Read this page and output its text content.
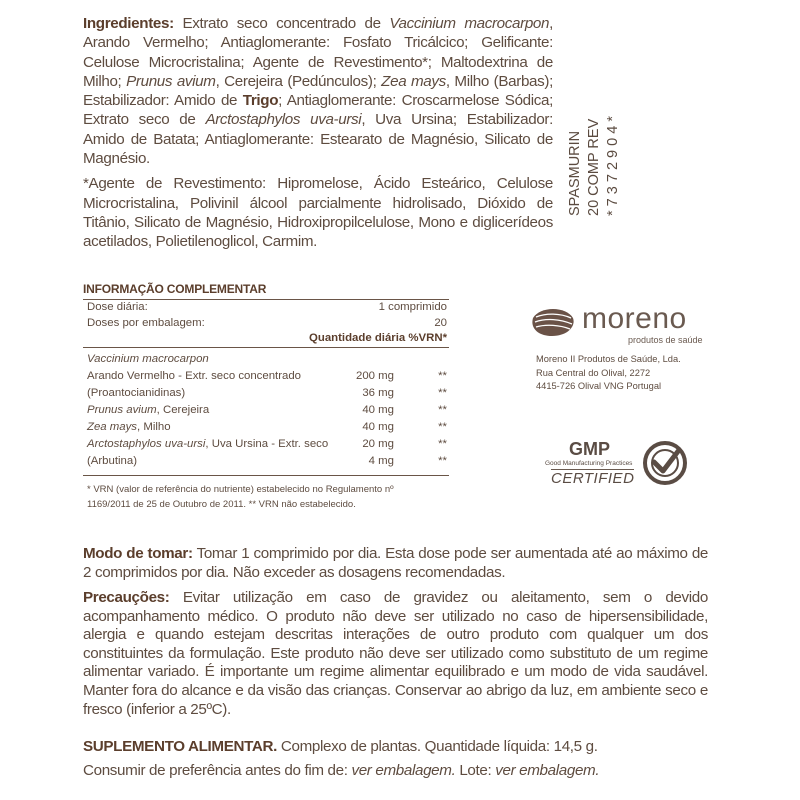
Ingredientes: Extrato seco concentrado de Vaccinium macrocarpon, Arando Vermelho; Antiaglomerante: Fosfato Tricálcico; Gelificante: Celulose Microcristalina; Agente de Revestimento*; Maltodextrina de Milho; Prunus avium, Cerejeira (Pedúnculos); Zea mays, Milho (Barbas); Estabilizador: Amido de Trigo; Antiaglomerante: Croscarmelose Sódica; Extrato seco de Arctostaphylos uva-ursi, Uva Ursina; Estabilizador: Amido de Batata; Antiaglomerante: Estearato de Magnésio, Silicato de Magnésio.

*Agente de Revestimento: Hipromelose, Ácido Esteárico, Celulose Microcristalina, Polivinil álcool parcialmente hidrolisado, Dióxido de Titânio, Silicato de Magnésio, Hidroxipropilcelulose, Mono e diglicerídeos acetilados, Polietilenoglicol, Carmim.

SPASMURIN 20 COMP REV * 7 3 7 2 9 0 4 *
INFORMAÇÃO COMPLEMENTAR
Dose diária:	1 comprimido
Doses por embalagem:	20
Quantidade diária %VRN*
Vaccinium macrocarpon
Arando Vermelho - Extr. seco concentrado	200 mg	**
(Proantocianidinas)	36 mg	**
Prunus avium, Cerejeira	40 mg	**
Zea mays, Milho	40 mg	**
Arctostaphylos uva-ursi, Uva Ursina - Extr. seco	20 mg	**
(Arbutina)	4 mg	**
* VRN (valor de referência do nutriente) estabelecido no Regulamento nº
1169/2011 de 25 de Outubro de 2011. ** VRN não estabelecido.
moreno
produtos de saúde
Moreno II Produtos de Saúde, Lda.
Rua Central do Olival, 2272
4415-726 Olival VNG Portugal
GMP
Good Manufacturing Practices
CERTIFIED

Modo de tomar: Tomar 1 comprimido por dia. Esta dose pode ser aumentada até ao máximo de 2 comprimidos por dia. Não exceder as dosagens recomendadas.

Precauções: Evitar utilização em caso de gravidez ou aleitamento, sem o devido acompanhamento médico. O produto não deve ser utilizado no caso de hipersensibilidade, alergia e quando estejam descritas interações de outro produto com qualquer um dos constituintes da formulação. Este produto não deve ser utilizado como substituto de um regime alimentar variado. É importante um regime alimentar equilibrado e um modo de vida saudável. Manter fora do alcance e da visão das crianças. Conservar ao abrigo da luz, em ambiente seco e fresco (inferior a 25ºC).

SUPLEMENTO ALIMENTAR. Complexo de plantas. Quantidade líquida: 14,5 g.

Consumir de preferência antes do fim de: ver embalagem. Lote: ver embalagem.
